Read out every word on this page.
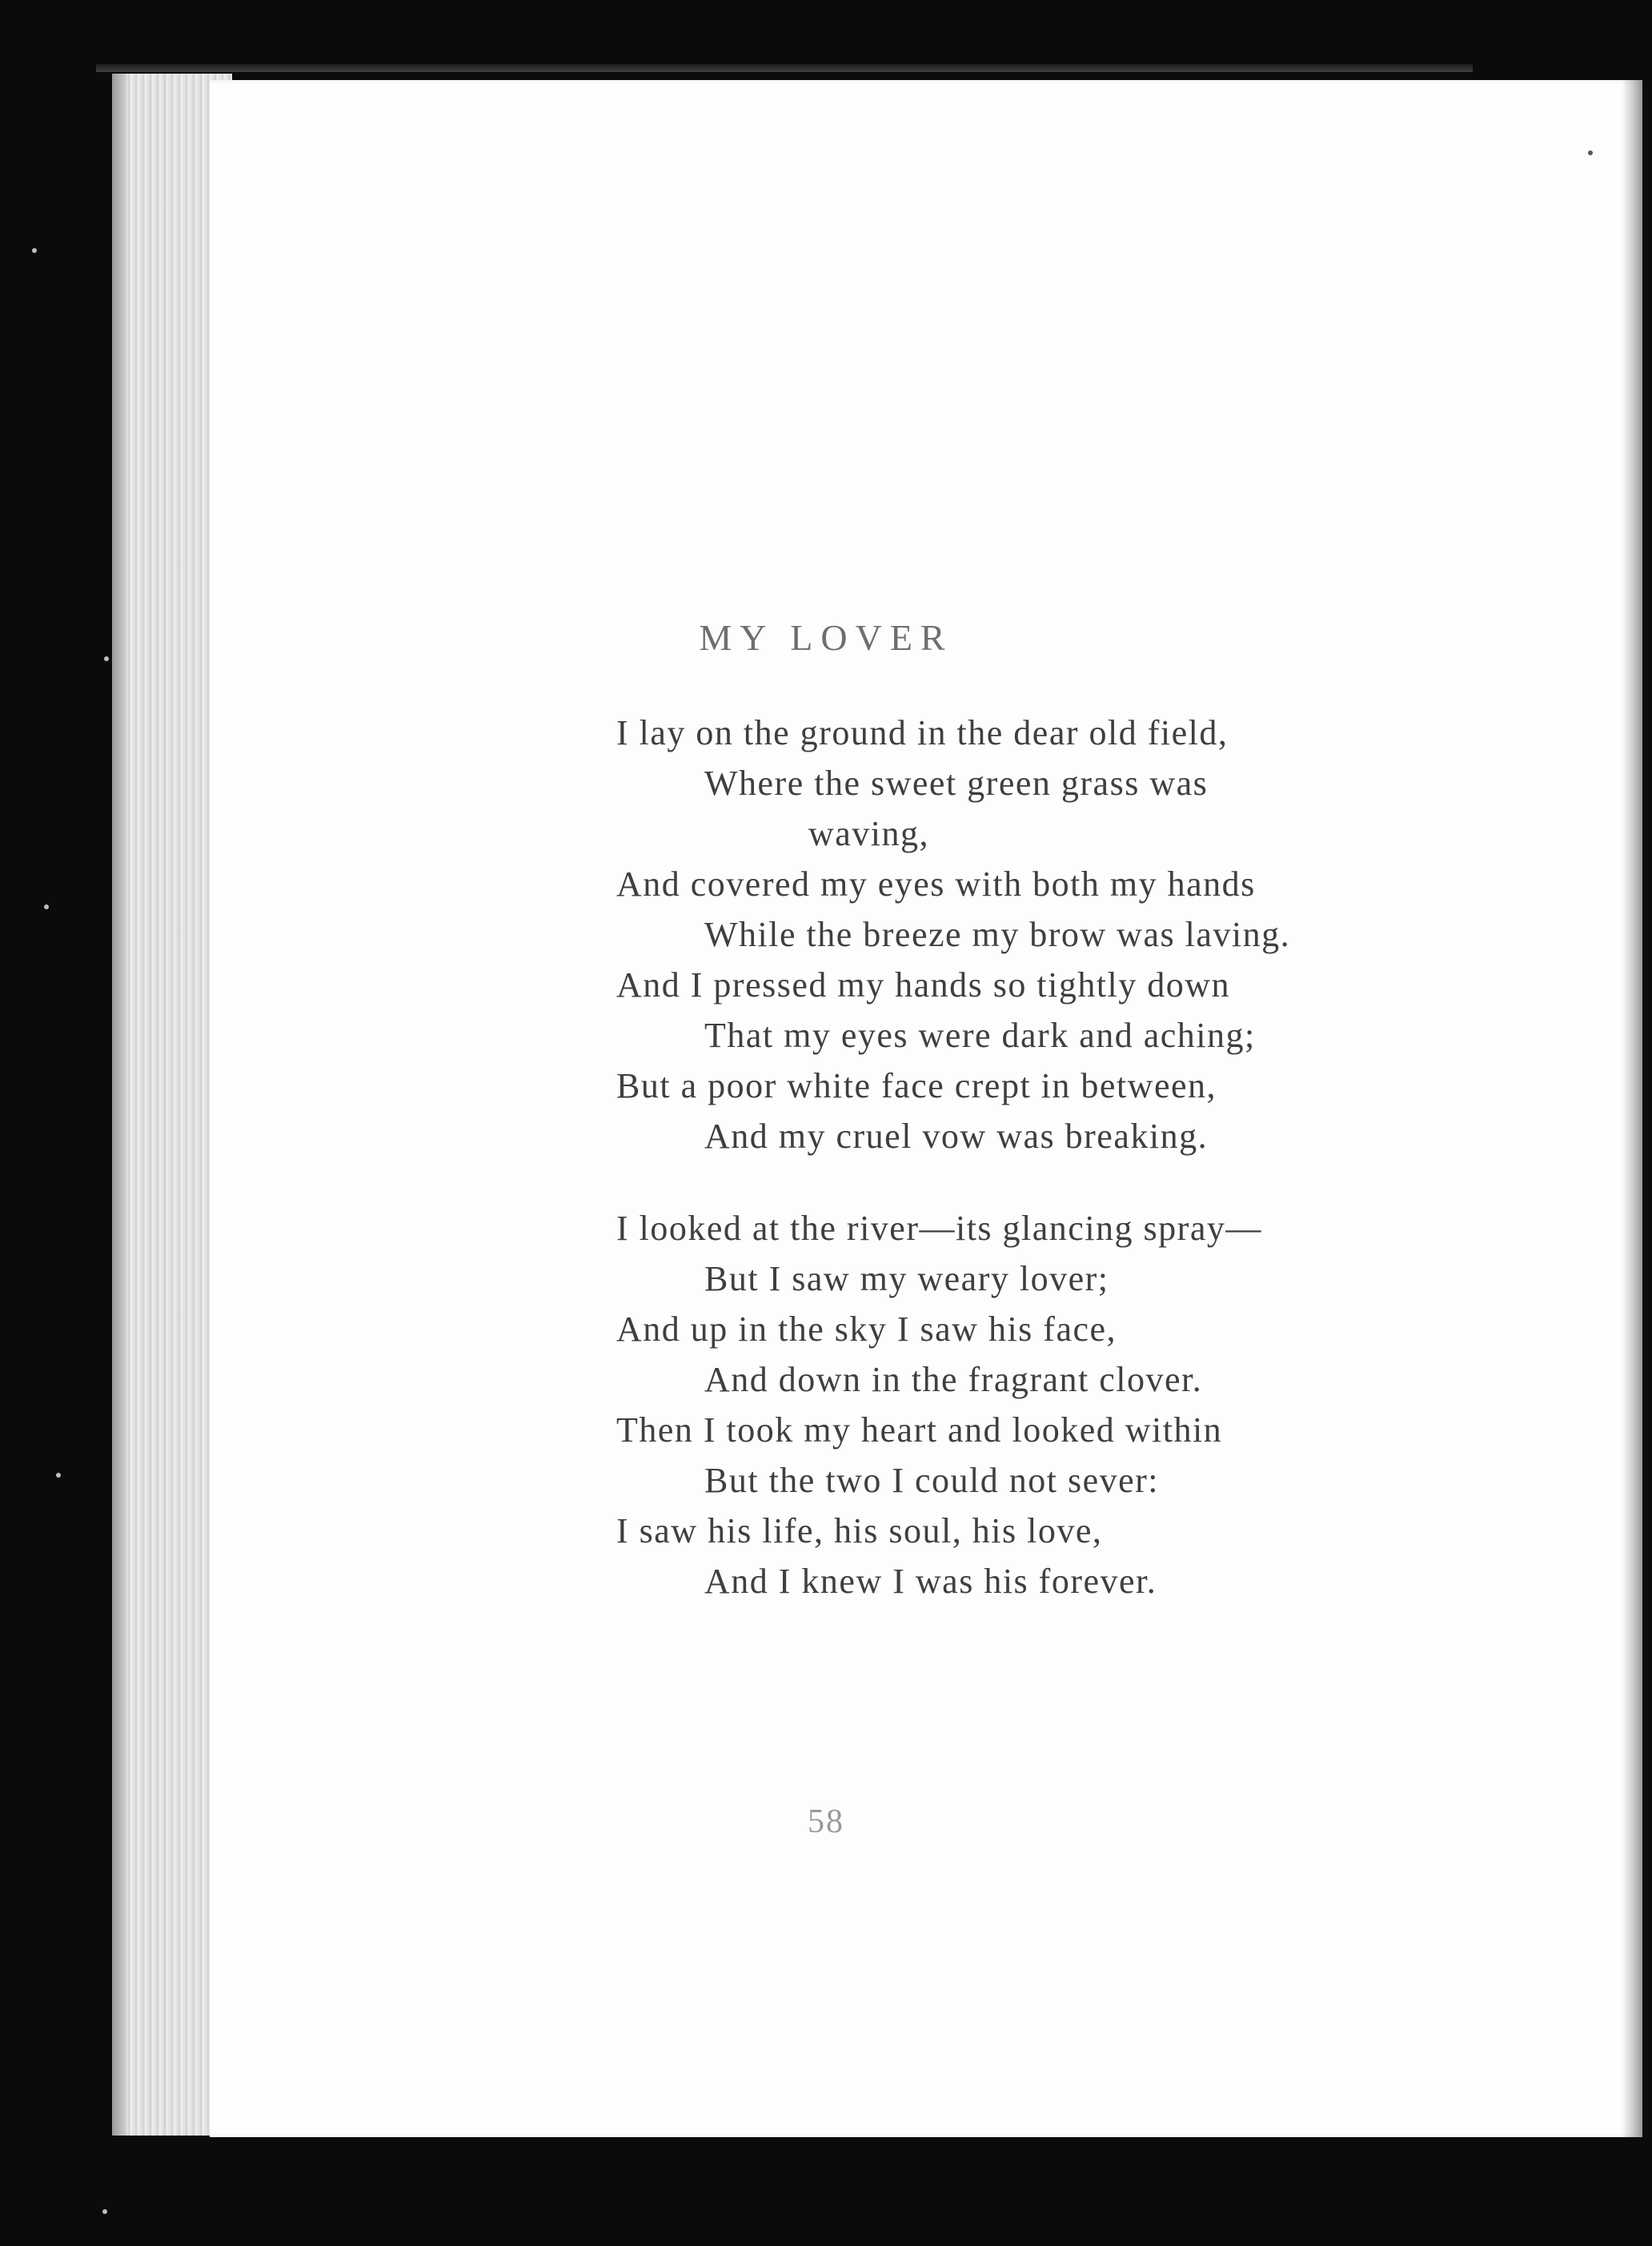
MY LOVER
I lay on the ground in the dear old field,
Where the sweet green grass was
waving,
And covered my eyes with both my hands
While the breeze my brow was laving.
And I pressed my hands so tightly down
That my eyes were dark and aching;
But a poor white face crept in between,
And my cruel vow was breaking.
I looked at the river—its glancing spray—
But I saw my weary lover;
And up in the sky I saw his face,
And down in the fragrant clover.
Then I took my heart and looked within
But the two I could not sever:
I saw his life, his soul, his love,
And I knew I was his forever.
58
